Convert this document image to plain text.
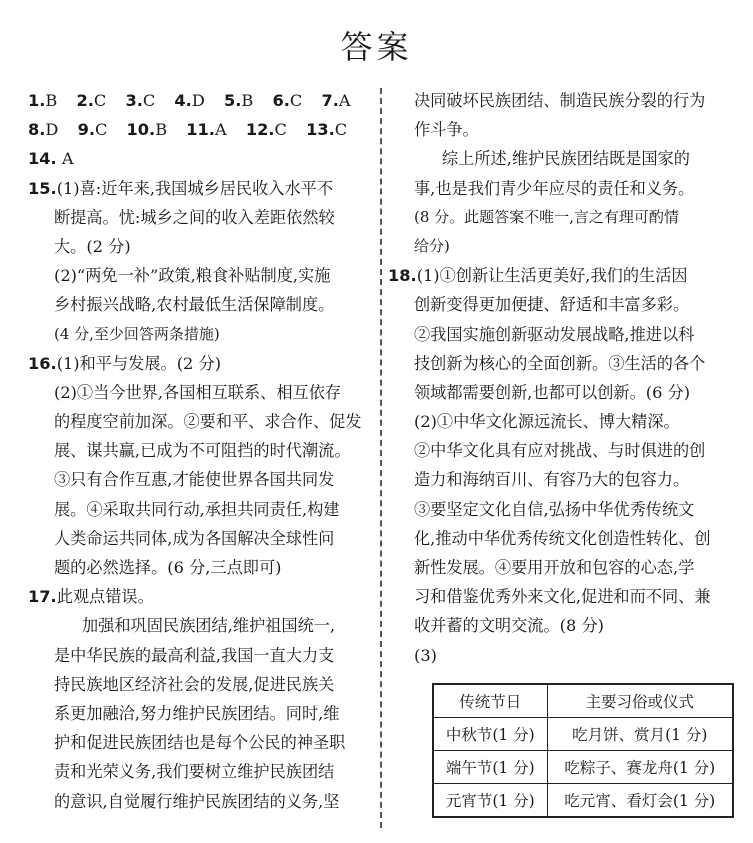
答案
1.B 2.C 3.C 4.D 5.B 6.C 7.A
8.D 9.C 10.B 11.A 12.C 13.C
14. A
15.(1)喜:近年来,我国城乡居民收入水平不
断提高。忧:城乡之间的收入差距依然较
大。(2 分)
(2)“两免一补”政策,粮食补贴制度,实施
乡村振兴战略,农村最低生活保障制度。
(4 分,至少回答两条措施)
16.(1)和平与发展。(2 分)
(2)①当今世界,各国相互联系、相互依存
的程度空前加深。②要和平、求合作、促发
展、谋共赢,已成为不可阻挡的时代潮流。
③只有合作互惠,才能使世界各国共同发
展。④采取共同行动,承担共同责任,构建
人类命运共同体,成为各国解决全球性问
题的必然选择。(6 分,三点即可)
17.此观点错误。
加强和巩固民族团结,维护祖国统一,
是中华民族的最高利益,我国一直大力支
持民族地区经济社会的发展,促进民族关
系更加融洽,努力维护民族团结。同时,维
护和促进民族团结也是每个公民的神圣职
责和光荣义务,我们要树立维护民族团结
的意识,自觉履行维护民族团结的义务,坚
决同破坏民族团结、制造民族分裂的行为
作斗争。
综上所述,维护民族团结既是国家的
事,也是我们青少年应尽的责任和义务。
(8 分。此题答案不唯一,言之有理可酌情
给分)
18.(1)①创新让生活更美好,我们的生活因
创新变得更加便捷、舒适和丰富多彩。
②我国实施创新驱动发展战略,推进以科
技创新为核心的全面创新。③生活的各个
领域都需要创新,也都可以创新。(6 分)
(2)①中华文化源远流长、博大精深。
②中华文化具有应对挑战、与时俱进的创
造力和海纳百川、有容乃大的包容力。
③要坚定文化自信,弘扬中华优秀传统文
化,推动中华优秀传统文化创造性转化、创
新性发展。④要用开放和包容的心态,学
习和借鉴优秀外来文化,促进和而不同、兼
收并蓄的文明交流。(8 分)
(3)
传统节日	主要习俗或仪式
中秋节(1 分)	吃月饼、赏月(1 分)
端午节(1 分)	吃粽子、赛龙舟(1 分)
元宵节(1 分)	吃元宵、看灯会(1 分)
